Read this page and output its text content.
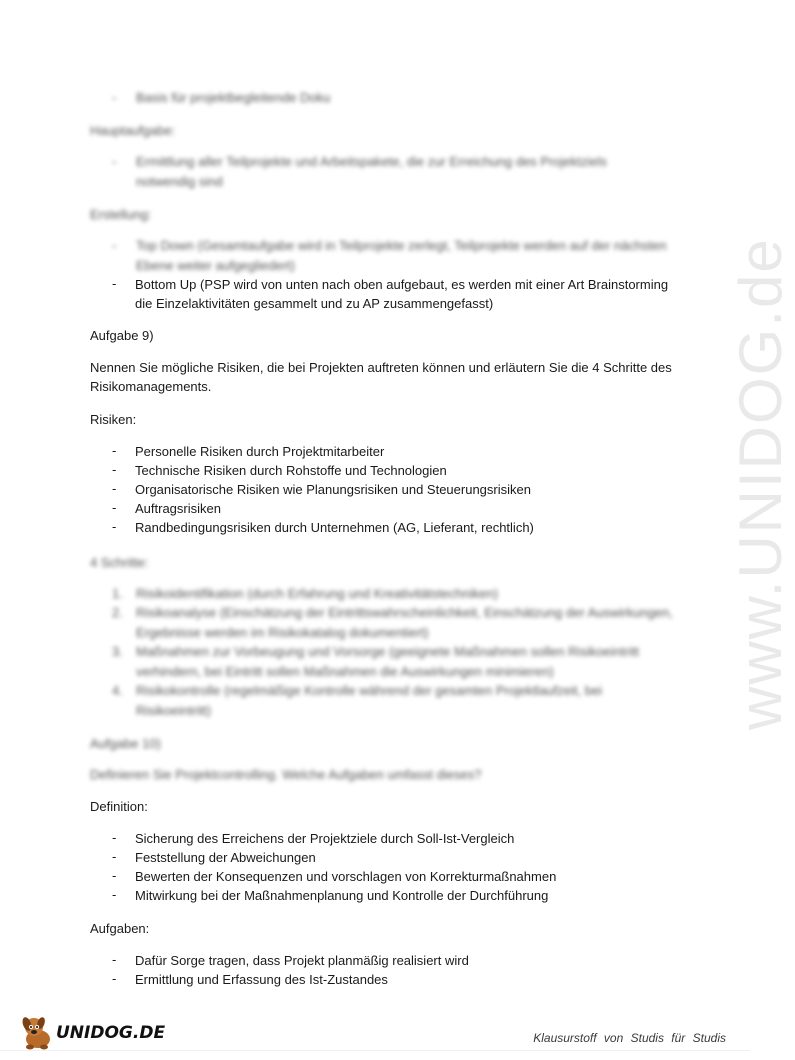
www.UNIDOG.de
- Basis für projektbegleitende Doku
Hauptaufgabe:
- Ermittlung aller Teilprojekte und Arbeitspakete, die zur Erreichung des Projektziels
notwendig sind
Erstellung:
- Top Down (Gesamtaufgabe wird in Teilprojekte zerlegt, Teilprojekte werden auf der nächsten
Ebene weiter aufgegliedert)
- Bottom Up (PSP wird von unten nach oben aufgebaut, es werden mit einer Art Brainstorming
die Einzelaktivitäten gesammelt und zu AP zusammengefasst)
Aufgabe 9)
Nennen Sie mögliche Risiken, die bei Projekten auftreten können und erläutern Sie die 4 Schritte des
Risikomanagements.
Risiken:
- Personelle Risiken durch Projektmitarbeiter
- Technische Risiken durch Rohstoffe und Technologien
- Organisatorische Risiken wie Planungsrisiken und Steuerungsrisiken
- Auftragsrisiken
- Randbedingungsrisiken durch Unternehmen (AG, Lieferant, rechtlich)
4 Schritte:
1. Risikoidentifikation (durch Erfahrung und Kreativitätstechniken)
2. Risikoanalyse (Einschätzung der Eintrittswahrscheinlichkeit, Einschätzung der Auswirkungen,
Ergebnisse werden im Risikokatalog dokumentiert)
3. Maßnahmen zur Vorbeugung und Vorsorge (geeignete Maßnahmen sollen Risikoeintritt
verhindern, bei Eintritt sollen Maßnahmen die Auswirkungen minimieren)
4. Risikokontrolle (regelmäßige Kontrolle während der gesamten Projektlaufzeit, bei
Risikoeintritt)
Aufgabe 10)
Definieren Sie Projektcontrolling. Welche Aufgaben umfasst dieses?
Definition:
- Sicherung des Erreichens der Projektziele durch Soll-Ist-Vergleich
- Feststellung der Abweichungen
- Bewerten der Konsequenzen und vorschlagen von Korrekturmaßnahmen
- Mitwirkung bei der Maßnahmenplanung und Kontrolle der Durchführung
Aufgaben:
- Dafür Sorge tragen, dass Projekt planmäßig realisiert wird
- Ermittlung und Erfassung des Ist-Zustandes
UNIDOG.DE	Klausurstoff von Studis für Studis
